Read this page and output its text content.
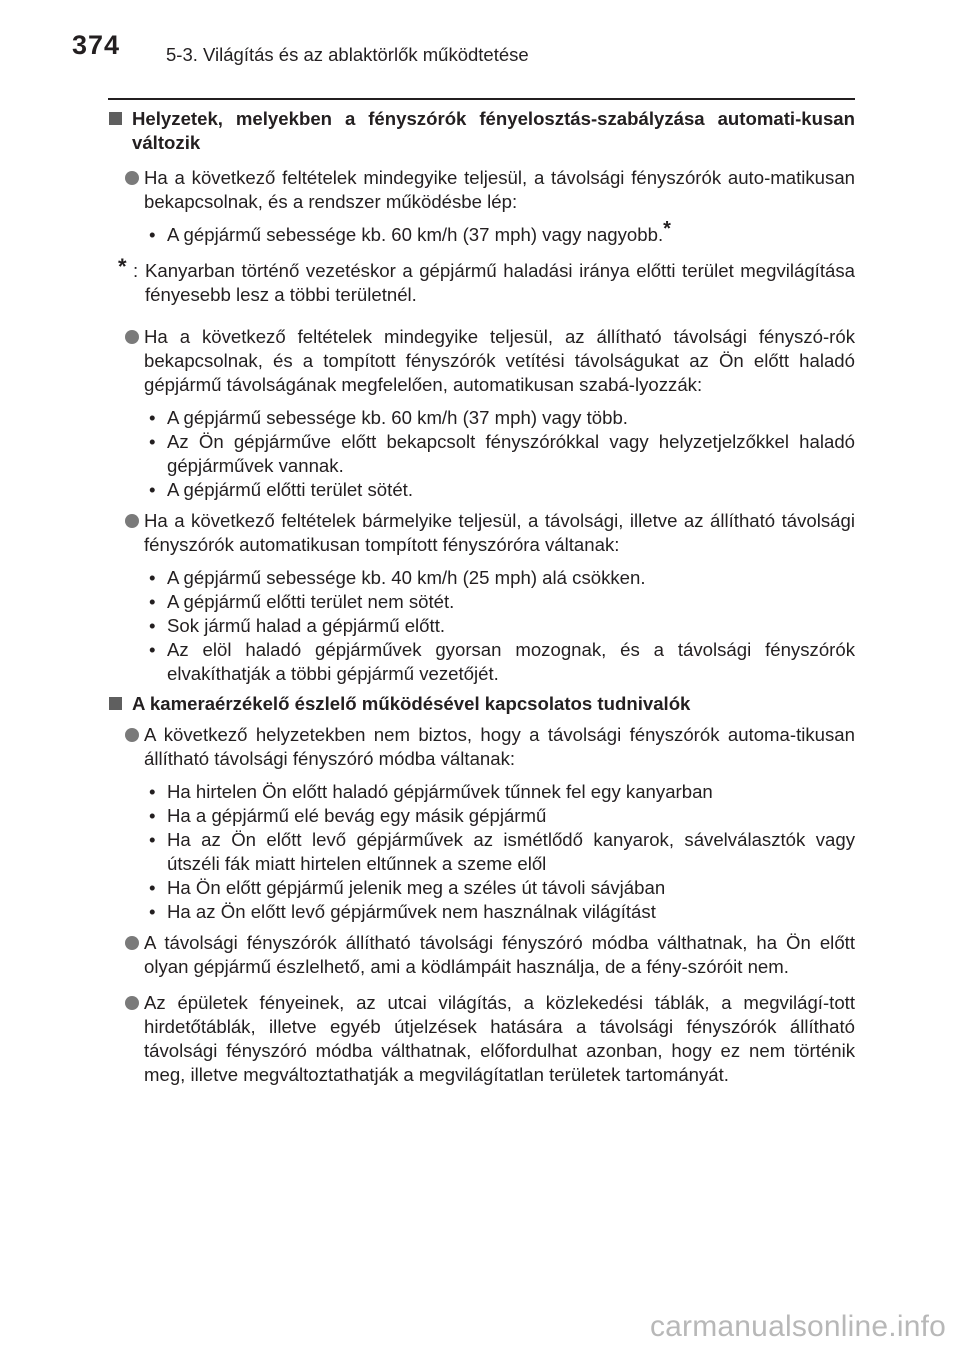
374 5-3. Világítás és az ablaktörlők működtetése

Helyzetek, melyekben a fényszórók fényelosztás-szabályzása automati-kusan változik

Ha a következő feltételek mindegyike teljesül, a távolsági fényszórók auto-matikusan bekapcsolnak, és a rendszer működésbe lép:

• A gépjármű sebessége kb. 60 km/h (37 mph) vagy nagyobb.*

* : Kanyarban történő vezetéskor a gépjármű haladási iránya előtti terület megvilágítása fényesebb lesz a többi területnél.

Ha a következő feltételek mindegyike teljesül, az állítható távolsági fényszó-rók bekapcsolnak, és a tompított fényszórók vetítési távolságukat az Ön előtt haladó gépjármű távolságának megfelelően, automatikusan szabá-lyozzák:

• A gépjármű sebessége kb. 60 km/h (37 mph) vagy több.
• Az Ön gépjárműve előtt bekapcsolt fényszórókkal vagy helyzetjelzőkkel haladó gépjárművek vannak.
• A gépjármű előtti terület sötét.

Ha a következő feltételek bármelyike teljesül, a távolsági, illetve az állítható távolsági fényszórók automatikusan tompított fényszóróra váltanak:

• A gépjármű sebessége kb. 40 km/h (25 mph) alá csökken.
• A gépjármű előtti terület nem sötét.
• Sok jármű halad a gépjármű előtt.
• Az elöl haladó gépjárművek gyorsan mozognak, és a távolsági fényszórók elvakíthatják a többi gépjármű vezetőjét.

A kameraérzékelő észlelő működésével kapcsolatos tudnivalók

A következő helyzetekben nem biztos, hogy a távolsági fényszórók automa-tikusan állítható távolsági fényszóró módba váltanak:

• Ha hirtelen Ön előtt haladó gépjárművek tűnnek fel egy kanyarban
• Ha a gépjármű elé bevág egy másik gépjármű
• Ha az Ön előtt levő gépjárművek az ismétlődő kanyarok, sávelválasztók vagy útszéli fák miatt hirtelen eltűnnek a szeme elől
• Ha Ön előtt gépjármű jelenik meg a széles út távoli sávjában
• Ha az Ön előtt levő gépjárművek nem használnak világítást

A távolsági fényszórók állítható távolsági fényszóró módba válthatnak, ha Ön előtt olyan gépjármű észlelhető, ami a ködlámpáit használja, de a fény-szóróit nem.

Az épületek fényeinek, az utcai világítás, a közlekedési táblák, a megvilágí-tott hirdetőtáblák, illetve egyéb útjelzések hatására a távolsági fényszórók állítható távolsági fényszóró módba válthatnak, előfordulhat azonban, hogy ez nem történik meg, illetve megváltoztathatják a megvilágítatlan területek tartományát.

carmanualsonline.info
